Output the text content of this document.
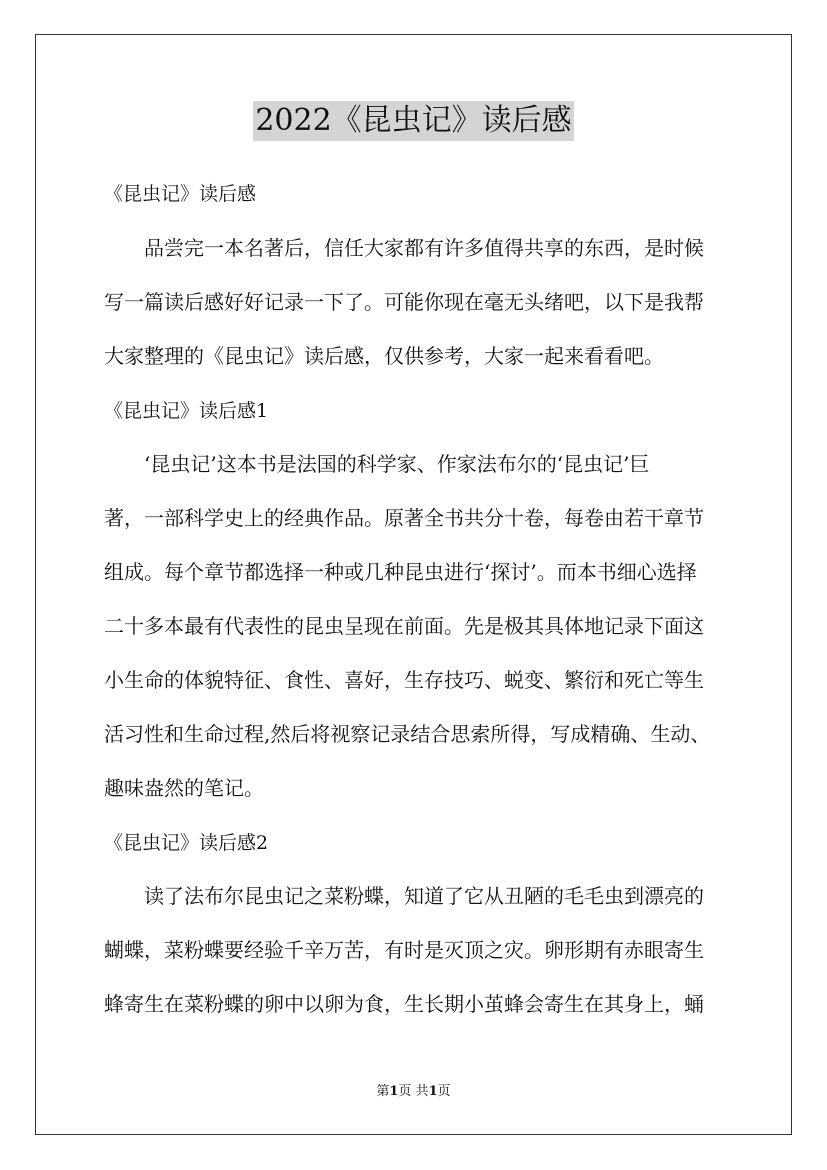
2022《昆虫记》读后感
《昆虫记》读后感
品尝完一本名著后，信任大家都有许多值得共享的东西，是时候
写一篇读后感好好记录一下了。可能你现在毫无头绪吧，以下是我帮
大家整理的《昆虫记》读后感，仅供参考，大家一起来看看吧。
《昆虫记》读后感1
‘昆虫记’这本书是法国的科学家、作家法布尔的‘昆虫记’巨
著，一部科学史上的经典作品。原著全书共分十卷，每卷由若干章节
组成。每个章节都选择一种或几种昆虫进行‘探讨’。而本书细心选择
二十多本最有代表性的昆虫呈现在前面。先是极其具体地记录下面这
小生命的体貌特征、食性、喜好，生存技巧、蜕变、繁衍和死亡等生
活习性和生命过程,然后将视察记录结合思索所得，写成精确、生动、
趣味盎然的笔记。
《昆虫记》读后感2
读了法布尔昆虫记之菜粉蝶，知道了它从丑陋的毛毛虫到漂亮的
蝴蝶，菜粉蝶要经验千辛万苦，有时是灭顶之灾。卵形期有赤眼寄生
蜂寄生在菜粉蝶的卵中以卵为食，生长期小茧蜂会寄生在其身上，蛹
第1页 共1页
